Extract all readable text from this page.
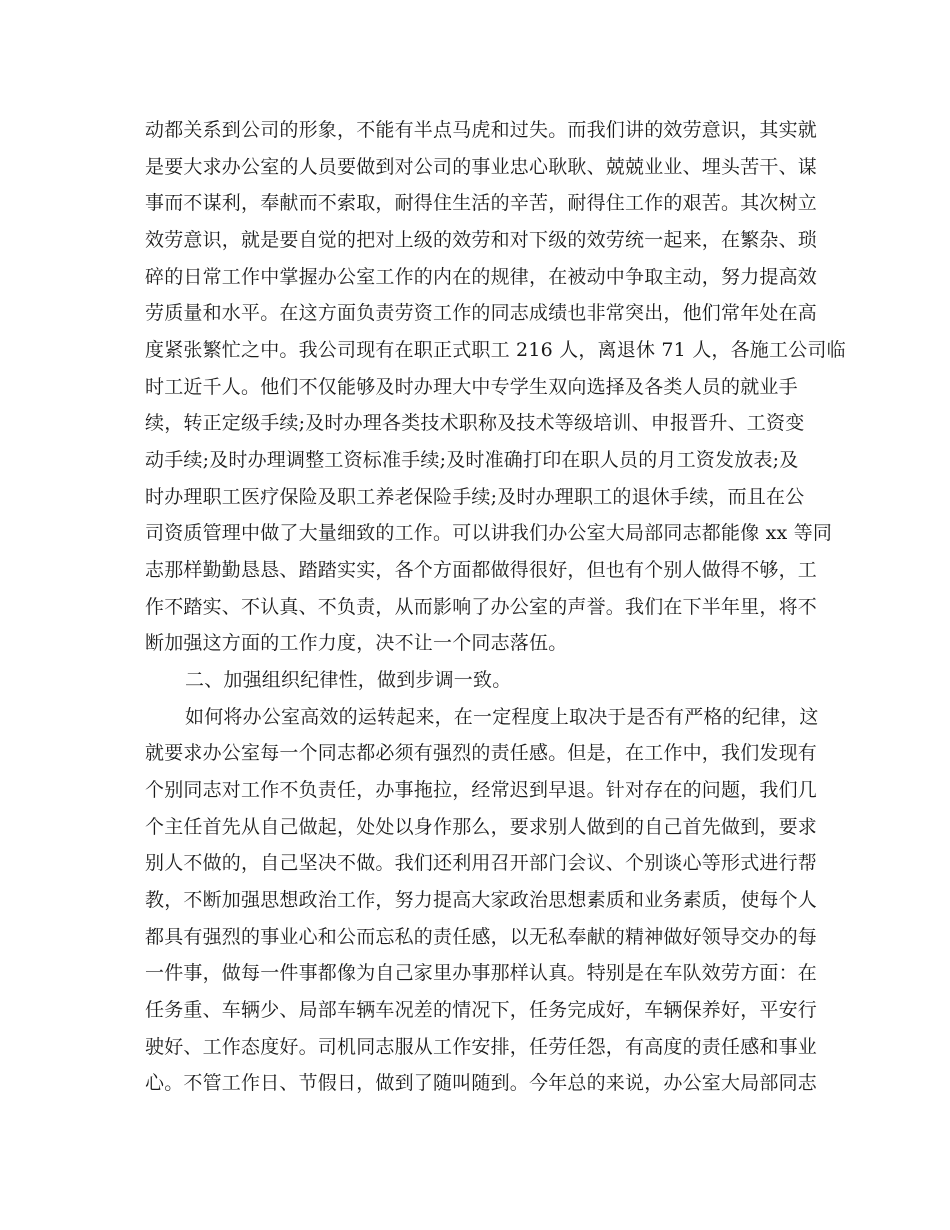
动都关系到公司的形象，不能有半点马虎和过失。而我们讲的效劳意识，其实就
是要大求办公室的人员要做到对公司的事业忠心耿耿、兢兢业业、埋头苦干、谋
事而不谋利，奉献而不索取，耐得住生活的辛苦，耐得住工作的艰苦。其次树立
效劳意识，就是要自觉的把对上级的效劳和对下级的效劳统一起来，在繁杂、琐
碎的日常工作中掌握办公室工作的内在的规律，在被动中争取主动，努力提高效
劳质量和水平。在这方面负责劳资工作的同志成绩也非常突出，他们常年处在高
度紧张繁忙之中。我公司现有在职正式职工 216 人，离退休 71 人，各施工公司临
时工近千人。他们不仅能够及时办理大中专学生双向选择及各类人员的就业手
续，转正定级手续;及时办理各类技术职称及技术等级培训、申报晋升、工资变
动手续;及时办理调整工资标准手续;及时准确打印在职人员的月工资发放表;及
时办理职工医疗保险及职工养老保险手续;及时办理职工的退休手续，而且在公
司资质管理中做了大量细致的工作。可以讲我们办公室大局部同志都能像 xx 等同
志那样勤勤恳恳、踏踏实实，各个方面都做得很好，但也有个别人做得不够，工
作不踏实、不认真、不负责，从而影响了办公室的声誉。我们在下半年里，将不
断加强这方面的工作力度，决不让一个同志落伍。
二、加强组织纪律性，做到步调一致。
如何将办公室高效的运转起来，在一定程度上取决于是否有严格的纪律，这
就要求办公室每一个同志都必须有强烈的责任感。但是，在工作中，我们发现有
个别同志对工作不负责任，办事拖拉，经常迟到早退。针对存在的问题，我们几
个主任首先从自己做起，处处以身作那么，要求别人做到的自己首先做到，要求
别人不做的，自己坚决不做。我们还利用召开部门会议、个别谈心等形式进行帮
教，不断加强思想政治工作，努力提高大家政治思想素质和业务素质，使每个人
都具有强烈的事业心和公而忘私的责任感，以无私奉献的精神做好领导交办的每
一件事，做每一件事都像为自己家里办事那样认真。特别是在车队效劳方面：在
任务重、车辆少、局部车辆车况差的情况下，任务完成好，车辆保养好，平安行
驶好、工作态度好。司机同志服从工作安排，任劳任怨，有高度的责任感和事业
心。不管工作日、节假日，做到了随叫随到。今年总的来说，办公室大局部同志
